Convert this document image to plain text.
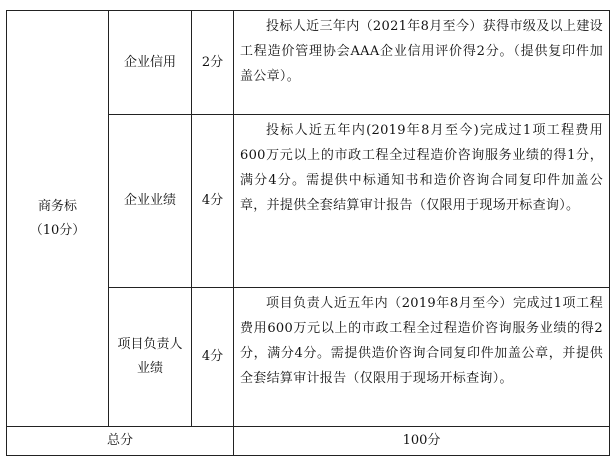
商务标
（10分）
企业信用 2分
投标人近三年内（2021年8月至今）获得市级及以上建设工程造价管理协会AAA企业信用评价得2分。（提供复印件加盖公章）。
企业业绩 4分
投标人近五年内(2019年8月至今)完成过1项工程费用600万元以上的市政工程全过程造价咨询服务业绩的得1分，满分4分。需提供中标通知书和造价咨询合同复印件加盖公章，并提供全套结算审计报告（仅限用于现场开标查询）。
项目负责人
业绩
4分
项目负责人近五年内（2019年8月至今）完成过1项工程费用600万元以上的市政工程全过程造价咨询服务业绩的得2分，满分4分。需提供造价咨询合同复印件加盖公章，并提供全套结算审计报告（仅限用于现场开标查询）。
总分	100分
